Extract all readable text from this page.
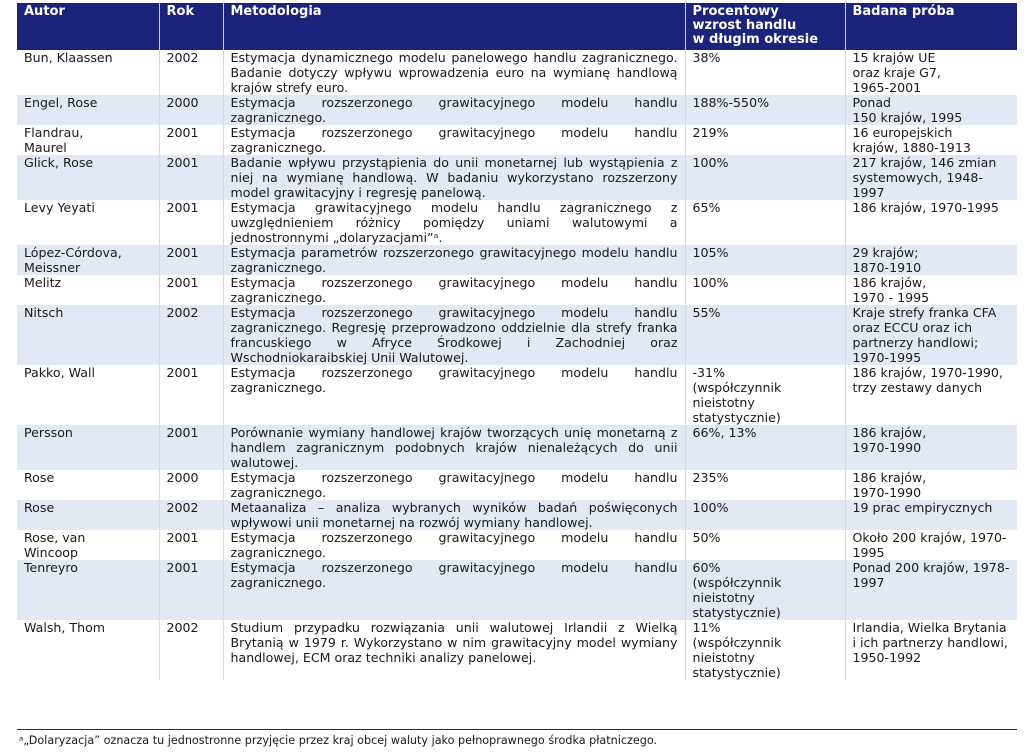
Autor	Rok	Metodologia	Procentowy
wzrost handlu
w długim okresie	Badana próba
Bun, Klaassen	2002	Estymacja dynamicznego modelu panelowego handlu zagranicznego. Badanie dotyczy wpływu wprowadzenia euro na wymianę handlową krajów strefy euro.	38%	15 krajów UE
oraz kraje G7,
1965-2001
Engel, Rose	2000	Estymacja rozszerzonego grawitacyjnego modelu handlu zagranicznego.	188%-550%	Ponad
150 krajów, 1995
Flandrau,
Maurel	2001	Estymacja rozszerzonego grawitacyjnego modelu handlu zagranicznego.	219%	16 europejskich
krajów, 1880-1913
Glick, Rose	2001	Badanie wpływu przystąpienia do unii monetarnej lub wystąpienia z niej na wymianę handlową. W badaniu wykorzystano rozszerzony model grawitacyjny i regresję panelową.	100%	217 krajów, 146 zmian systemowych, 1948-1997
Levy Yeyati	2001	Estymacja grawitacyjnego modelu handlu zagranicznego z uwzględnieniem różnicy pomiędzy uniami walutowymi a jednostronnymi „dolaryzacjami”ᵃ.	65%	186 krajów, 1970-1995
López-Córdova,
Meissner	2001	Estymacja parametrów rozszerzonego grawitacyjnego modelu handlu zagranicznego.	105%	29 krajów;
1870-1910
Melitz	2001	Estymacja rozszerzonego grawitacyjnego modelu handlu zagranicznego.	100%	186 krajów,
1970 - 1995
Nitsch	2002	Estymacja rozszerzonego grawitacyjnego modelu handlu zagranicznego. Regresję przeprowadzono oddzielnie dla strefy franka francuskiego w Afryce Środkowej i Zachodniej oraz Wschodniokaraibskiej Unii Walutowej.	55%	Kraje strefy franka CFA oraz ECCU oraz ich partnerzy handlowi; 1970-1995
Pakko, Wall	2001	Estymacja rozszerzonego grawitacyjnego modelu handlu zagranicznego.	-31%
(współczynnik
nieistotny
statystycznie)	186 krajów, 1970-1990, trzy zestawy danych
Persson	2001	Porównanie wymiany handlowej krajów tworzących unię monetarną z handlem zagranicznym podobnych krajów nienależących do unii walutowej.	66%, 13%	186 krajów,
1970-1990
Rose	2000	Estymacja rozszerzonego grawitacyjnego modelu handlu zagranicznego.	235%	186 krajów,
1970-1990
Rose	2002	Metaanaliza – analiza wybranych wyników badań poświęconych wpływowi unii monetarnej na rozwój wymiany handlowej.	100%	19 prac empirycznych
Rose, van
Wincoop	2001	Estymacja rozszerzonego grawitacyjnego modelu handlu zagranicznego.	50%	Około 200 krajów, 1970-1995
Tenreyro	2001	Estymacja rozszerzonego grawitacyjnego modelu handlu zagranicznego.	60%
(współczynnik
nieistotny
statystycznie)	Ponad 200 krajów, 1978-1997
Walsh, Thom	2002	Studium przypadku rozwiązania unii walutowej Irlandii z Wielką Brytanią w 1979 r. Wykorzystano w nim grawitacyjny model wymiany handlowej, ECM oraz techniki analizy panelowej.	11%
(współczynnik
nieistotny
statystycznie)	Irlandia, Wielka Brytania i ich partnerzy handlowi, 1950-1992
ᵃ„Dolaryzacja” oznacza tu jednostronne przyjęcie przez kraj obcej waluty jako pełnoprawnego środka płatniczego.
